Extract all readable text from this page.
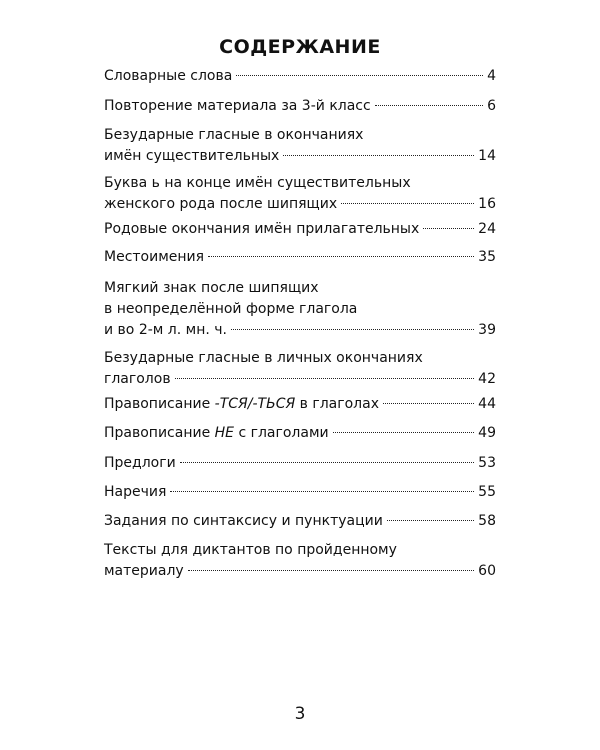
СОДЕРЖАНИЕ
Словарные слова	4
Повторение материала за 3-й класс	6
Безударные гласные в окончаниях
имён существительных	14
Буква ь на конце имён существительных
женского рода после шипящих	16
Родовые окончания имён прилагательных	24
Местоимения	35
Мягкий знак после шипящих
в неопределённой форме глагола
и во 2-м л. мн. ч.	39
Безударные гласные в личных окончаниях
глаголов	42
Правописание -ТСЯ/-ТЬСЯ в глаголах	44
Правописание НЕ с глаголами	49
Предлоги	53
Наречия	55
Задания по синтаксису и пунктуации	58
Тексты для диктантов по пройденному
материалу	60
3
